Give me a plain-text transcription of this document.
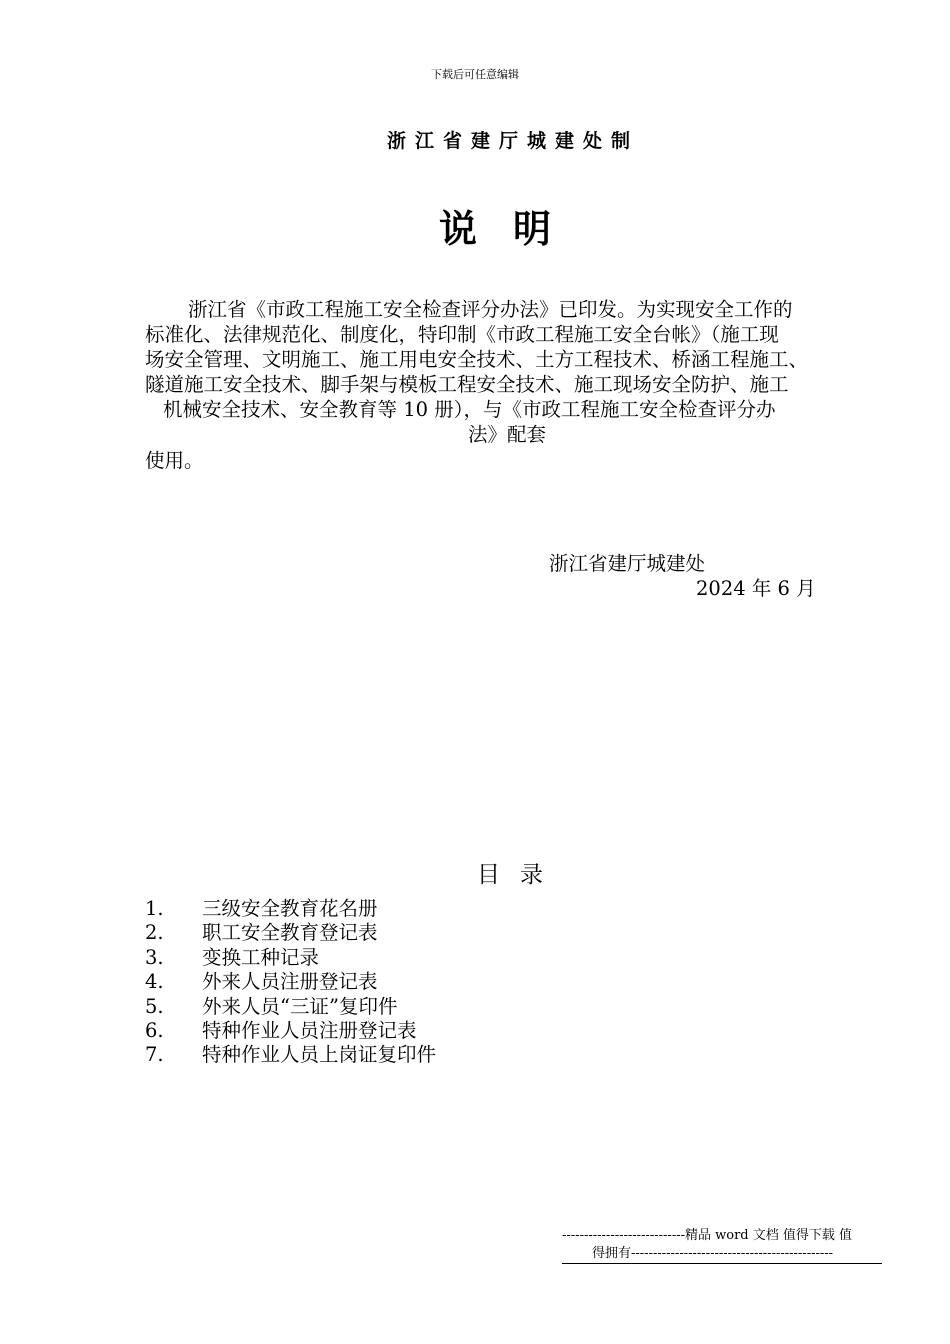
下载后可任意编辑
浙江省建厅城建处制
说明
浙江省《市政工程施工安全检查评分办法》已印发。为实现安全工作的
标准化、法律规范化、制度化，特印制《市政工程施工安全台帐》（施工现
场安全管理、文明施工、施工用电安全技术、土方工程技术、桥涵工程施工、
隧道施工安全技术、脚手架与模板工程安全技术、施工现场安全防护、施工
机械安全技术、安全教育等 10 册），与《市政工程施工安全检查评分办
法》配套
使用。
浙江省建厅城建处
2024 年 6 月
目录
1.	三级安全教育花名册
2.	职工安全教育登记表
3.	变换工种记录
4.	外来人员注册登记表
5.	外来人员“三证”复印件
6.	特种作业人员注册登记表
7.	特种作业人员上岗证复印件
----------------------------精品 word 文档 值得下载 值
得拥有----------------------------------------------
